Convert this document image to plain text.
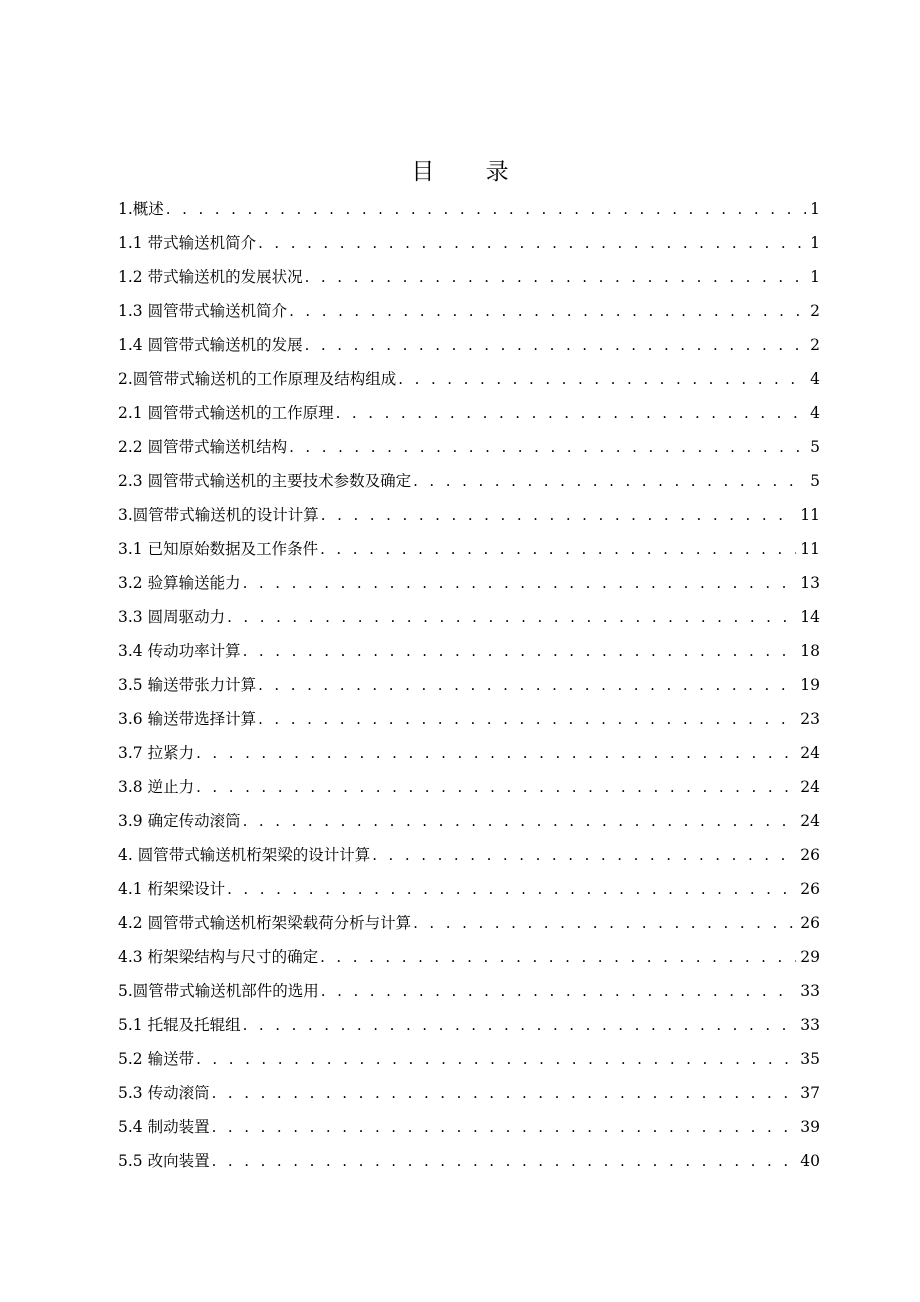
目 录
1.概述 . . .	1
1.1 带式输送机简介 . . .	1
1.2 带式输送机的发展状况 . . .	1
1.3 圆管带式输送机简介 . . .	2
1.4 圆管带式输送机的发展 . . .	2
2.圆管带式输送机的工作原理及结构组成 . . .	4
2.1 圆管带式输送机的工作原理 . . .	4
2.2 圆管带式输送机结构 . . .	5
2.3 圆管带式输送机的主要技术参数及确定 . . .	5
3.圆管带式输送机的设计计算 . . .	11
3.1 已知原始数据及工作条件 . . .	11
3.2 验算输送能力 . . .	13
3.3 圆周驱动力 . . .	14
3.4 传动功率计算 . . .	18
3.5 输送带张力计算 . . .	19
3.6 输送带选择计算 . . .	23
3.7 拉紧力 . . .	24
3.8 逆止力 . . .	24
3.9 确定传动滚筒 . . .	24
4. 圆管带式输送机桁架梁的设计计算 . . .	26
4.1 桁架梁设计 . . .	26
4.2 圆管带式输送机桁架梁载荷分析与计算 . . .	26
4.3 桁架梁结构与尺寸的确定 . . .	29
5.圆管带式输送机部件的选用 . . .	33
5.1 托辊及托辊组 . . .	33
5.2 输送带 . . .	35
5.3 传动滚筒 . . .	37
5.4 制动装置 . . .	39
5.5 改向装置 . . .	40
